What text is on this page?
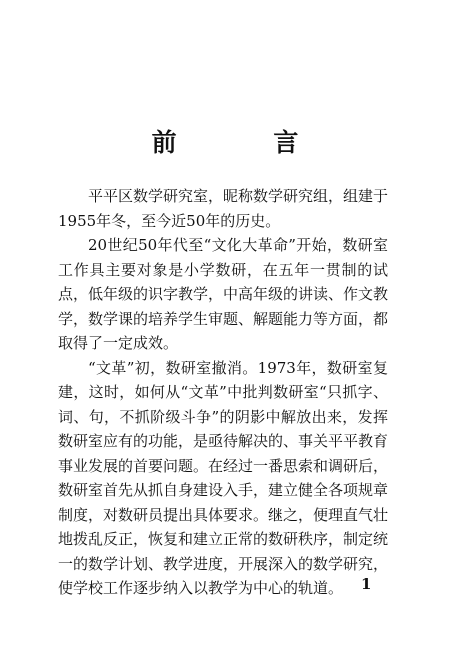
前 言

平平区数学研究室，昵称数学研究组，组建于1955年冬，至今近50年的历史。

20世纪50年代至“文化大革命”开始，数研室工作具主要对象是小学数研，在五年一贯制的试点，低年级的识字教学，中高年级的讲读、作文教学，数学课的培养学生审题、解题能力等方面，都取得了一定成效。

“文革”初，数研室撤消。1973年，数研室复建，这时，如何从“文革”中批判数研室“只抓字、词、句，不抓阶级斗争”的阴影中解放出来，发挥数研室应有的功能，是亟待解决的、事关平平教育事业发展的首要问题。在经过一番思索和调研后，数研室首先从抓自身建设入手，建立健全各项规章制度，对数研员提出具体要求。继之，便理直气壮地拨乱反正，恢复和建立正常的数研秩序，制定统一的数学计划、教学进度，开展深入的数学研究，使学校工作逐步纳入以教学为中心的轨道。	1
